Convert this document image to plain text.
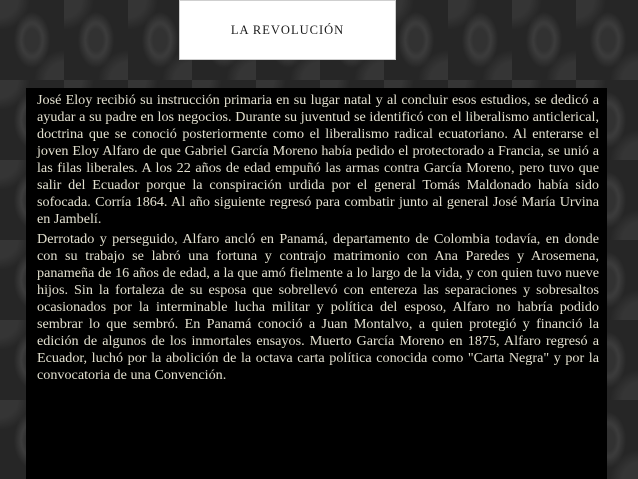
LA REVOLUCIÓN

José Eloy recibió su instrucción primaria en su lugar natal y al concluir esos estudios, se dedicó a ayudar a su padre en los negocios. Durante su juventud se identificó con el liberalismo anticlerical, doctrina que se conoció posteriormente como el liberalismo radical ecuatoriano. Al enterarse el joven Eloy Alfaro de que Gabriel García Moreno había pedido el protectorado a Francia, se unió a las filas liberales. A los 22 años de edad empuñó las armas contra García Moreno, pero tuvo que salir del Ecuador porque la conspiración urdida por el general Tomás Maldonado había sido sofocada. Corría 1864. Al año siguiente regresó para combatir junto al general José María Urvina en Jambelí.

Derrotado y perseguido, Alfaro ancló en Panamá, departamento de Colombia todavía, en donde con su trabajo se labró una fortuna y contrajo matrimonio con Ana Paredes y Arosemena, panameña de 16 años de edad, a la que amó fielmente a lo largo de la vida, y con quien tuvo nueve hijos. Sin la fortaleza de su esposa que sobrellevó con entereza las separaciones y sobresaltos ocasionados por la interminable lucha militar y política del esposo, Alfaro no habría podido sembrar lo que sembró. En Panamá conoció a Juan Montalvo, a quien protegió y financió la edición de algunos de los inmortales ensayos. Muerto García Moreno en 1875, Alfaro regresó a Ecuador, luchó por la abolición de la octava carta política conocida como "Carta Negra" y por la convocatoria de una Convención.
